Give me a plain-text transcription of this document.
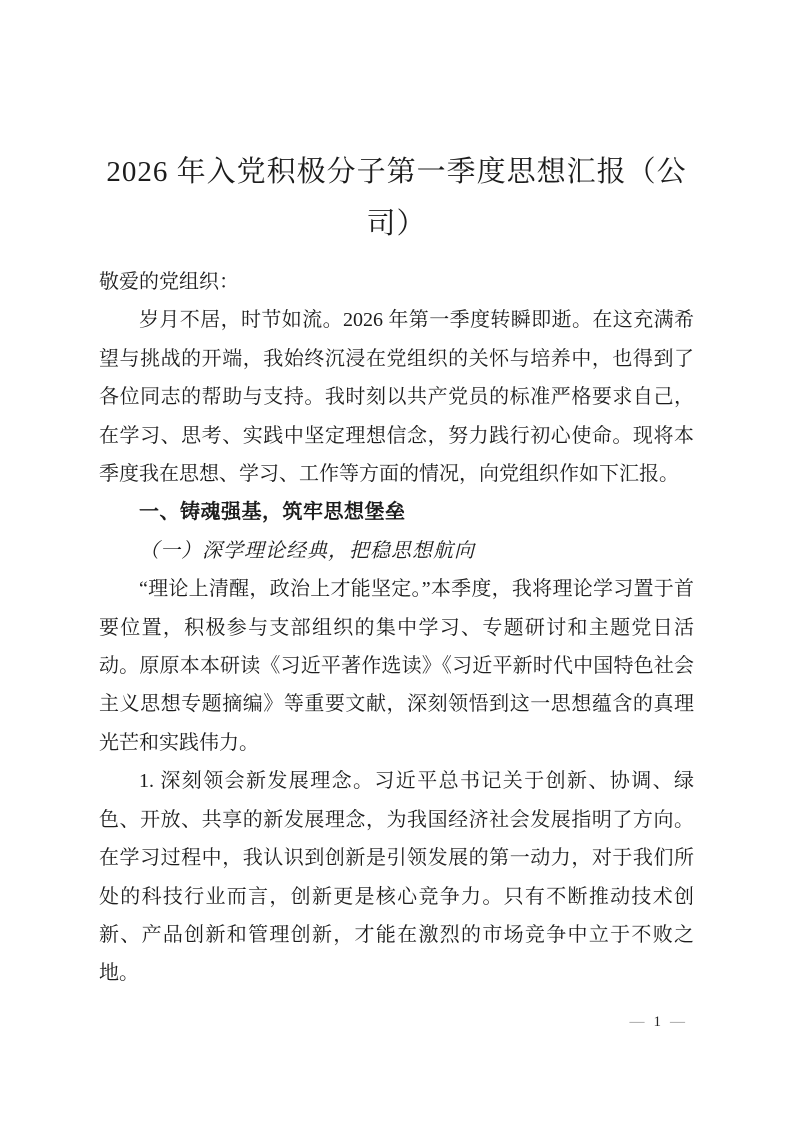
2026 年入党积极分子第一季度思想汇报（公
司）

敬爱的党组织：

岁月不居，时节如流。2026 年第一季度转瞬即逝。在这充满希望与挑战的开端，我始终沉浸在党组织的关怀与培养中，也得到了各位同志的帮助与支持。我时刻以共产党员的标准严格要求自己，在学习、思考、实践中坚定理想信念，努力践行初心使命。现将本季度我在思想、学习、工作等方面的情况，向党组织作如下汇报。

一、铸魂强基，筑牢思想堡垒
（一）深学理论经典，把稳思想航向

“理论上清醒，政治上才能坚定。”本季度，我将理论学习置于首要位置，积极参与支部组织的集中学习、专题研讨和主题党日活动。原原本本研读《习近平著作选读》《习近平新时代中国特色社会主义思想专题摘编》等重要文献，深刻领悟到这一思想蕴含的真理光芒和实践伟力。

1. 深刻领会新发展理念。习近平总书记关于创新、协调、绿色、开放、共享的新发展理念，为我国经济社会发展指明了方向。在学习过程中，我认识到创新是引领发展的第一动力，对于我们所处的科技行业而言，创新更是核心竞争力。只有不断推动技术创新、产品创新和管理创新，才能在激烈的市场竞争中立于不败之地。

— 1 —
